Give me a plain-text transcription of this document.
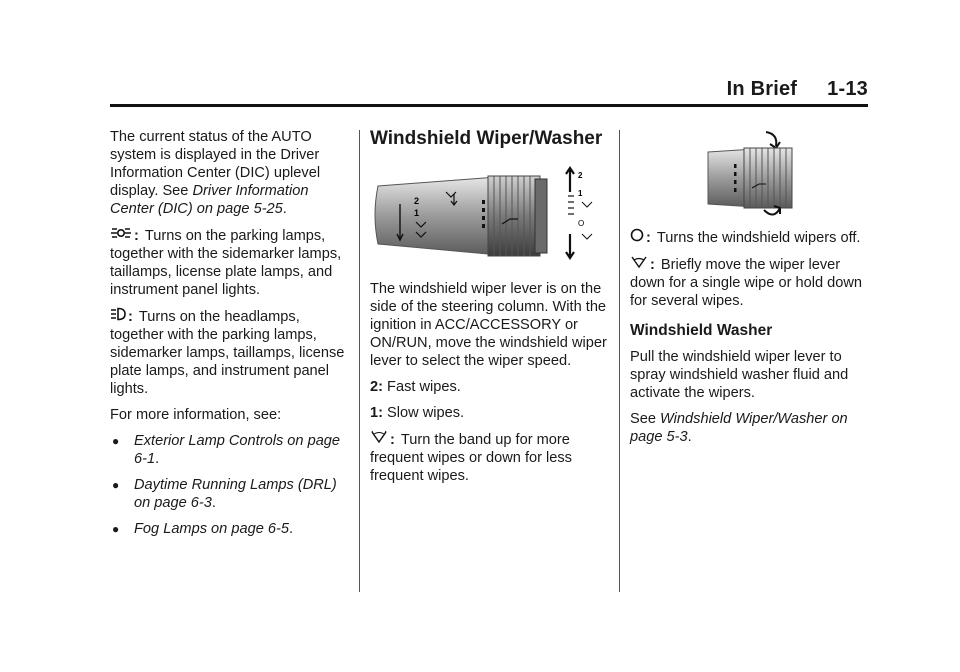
In Brief 1-13

The current status of the AUTO system is displayed in the Driver Information Center (DIC) uplevel display. See Driver Information Center (DIC) on page 5-25.

: Turns on the parking lamps, together with the sidemarker lamps, taillamps, license plate lamps, and instrument panel lights.

: Turns on the headlamps, together with the parking lamps, sidemarker lamps, taillamps, license plate lamps, and instrument panel lights.

For more information, see:

●	Exterior Lamp Controls on page 6-1.
●	Daytime Running Lamps (DRL) on page 6-3.
●	Fog Lamps on page 6-5.
Windshield Wiper/Washer
2
1
2
1
O

The windshield wiper lever is on the side of the steering column. With the ignition in ACC/ACCESSORY or ON/RUN, move the windshield wiper lever to select the wiper speed.

2: Fast wipes.

1: Slow wipes.

: Turn the band up for more frequent wipes or down for less frequent wipes.

: Turns the windshield wipers off.

: Briefly move the wiper lever down for a single wipe or hold down for several wipes.

Windshield Washer

Pull the windshield wiper lever to spray windshield washer fluid and activate the wipers.

See Windshield Wiper/Washer on page 5-3.
